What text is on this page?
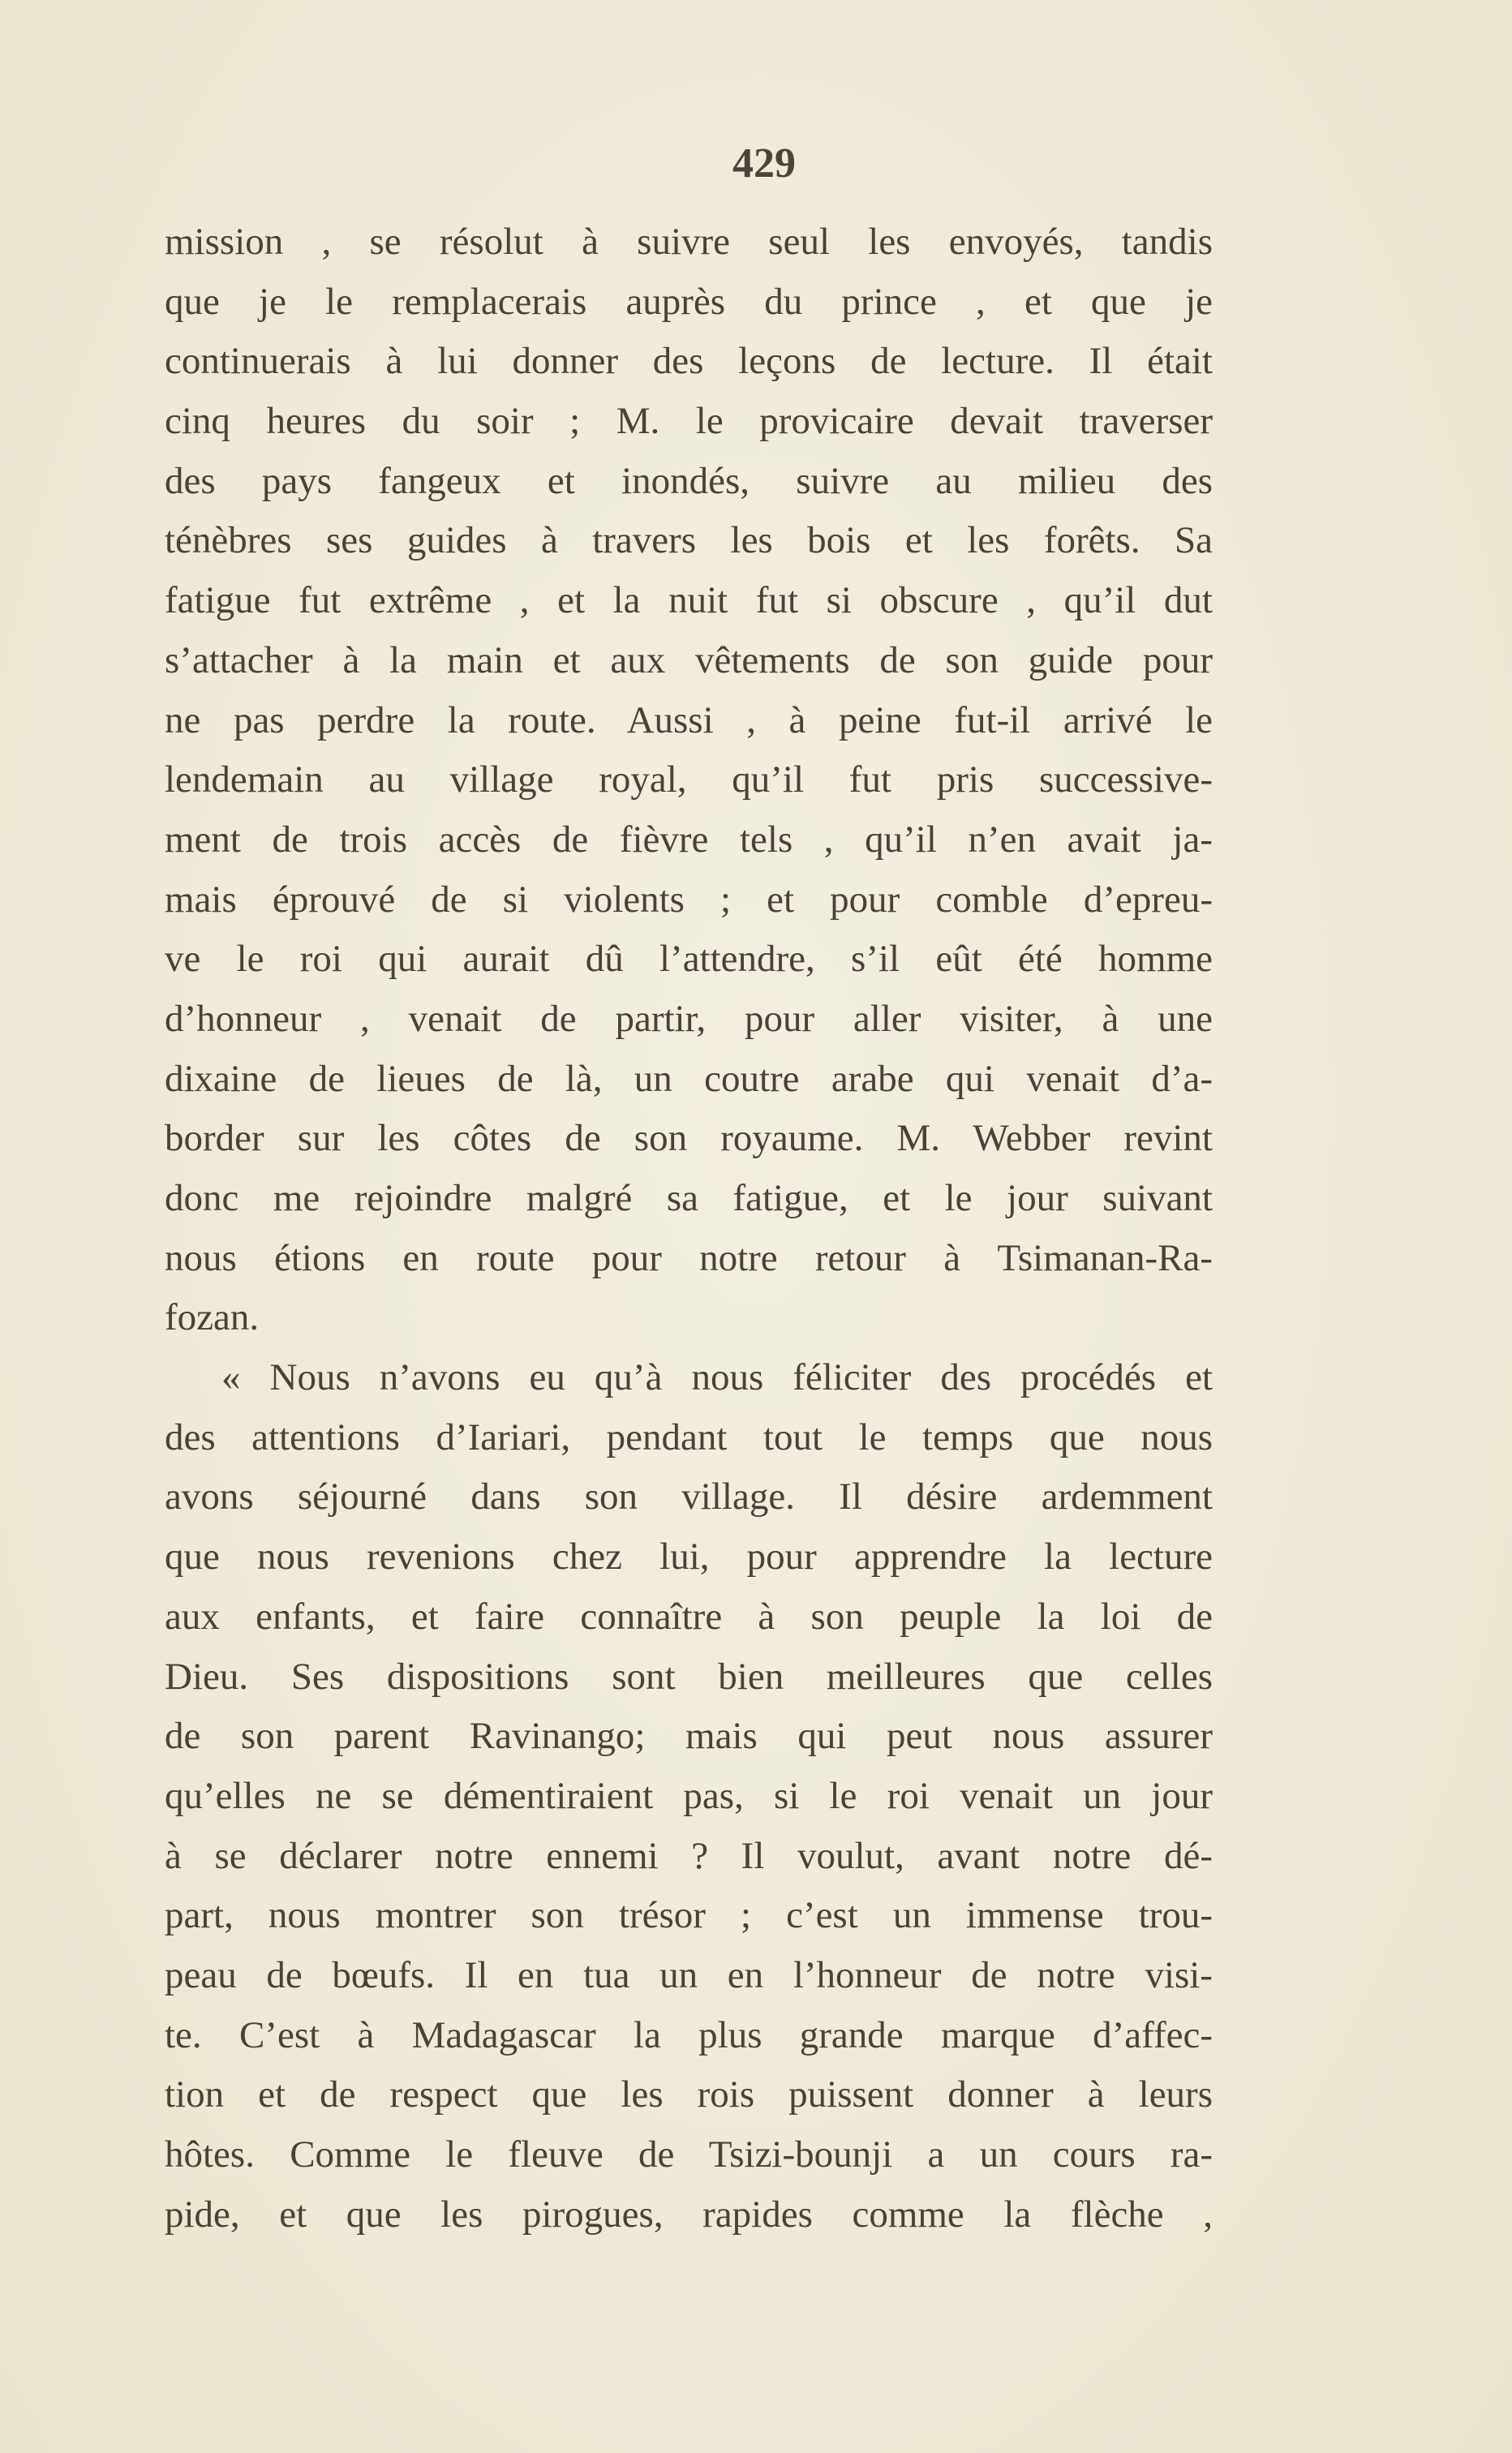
429
mission , se résolut à suivre seul les envoyés, tandis
que je le remplacerais auprès du prince , et que je
continuerais à lui donner des leçons de lecture. Il était
cinq heures du soir ; M. le provicaire devait traverser
des pays fangeux et inondés, suivre au milieu des
ténèbres ses guides à travers les bois et les forêts. Sa
fatigue fut extrême , et la nuit fut si obscure , qu’il dut
s’attacher à la main et aux vêtements de son guide pour
ne pas perdre la route. Aussi , à peine fut-il arrivé le
lendemain au village royal, qu’il fut pris successive-
ment de trois accès de fièvre tels , qu’il n’en avait ja-
mais éprouvé de si violents ; et pour comble d’epreu-
ve le roi qui aurait dû l’attendre, s’il eût été homme
d’honneur , venait de partir, pour aller visiter, à une
dixaine de lieues de là, un coutre arabe qui venait d’a-
border sur les côtes de son royaume. M. Webber revint
donc me rejoindre malgré sa fatigue, et le jour suivant
nous étions en route pour notre retour à Tsimanan-Ra-
fozan.
« Nous n’avons eu qu’à nous féliciter des procédés et
des attentions d’Iariari, pendant tout le temps que nous
avons séjourné dans son village. Il désire ardemment
que nous revenions chez lui, pour apprendre la lecture
aux enfants, et faire connaître à son peuple la loi de
Dieu. Ses dispositions sont bien meilleures que celles
de son parent Ravinango; mais qui peut nous assurer
qu’elles ne se démentiraient pas, si le roi venait un jour
à se déclarer notre ennemi ? Il voulut, avant notre dé-
part, nous montrer son trésor ; c’est un immense trou-
peau de bœufs. Il en tua un en l’honneur de notre visi-
te. C’est à Madagascar la plus grande marque d’affec-
tion et de respect que les rois puissent donner à leurs
hôtes. Comme le fleuve de Tsizi-bounji a un cours ra-
pide, et que les pirogues, rapides comme la flèche ,
